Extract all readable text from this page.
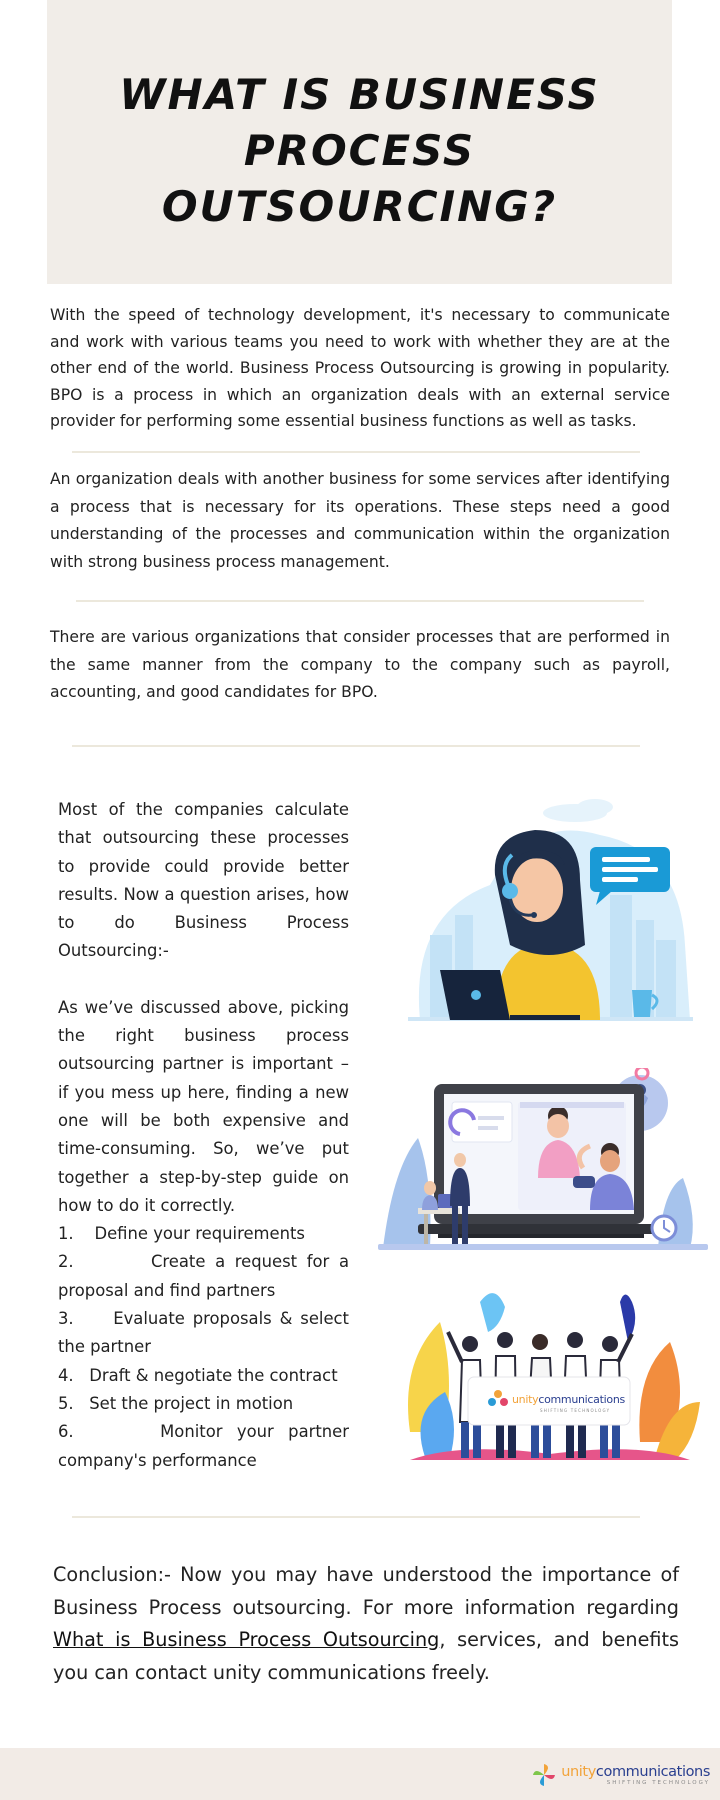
WHAT IS BUSINESS
PROCESS OUTSOURCING?

With the speed of technology development, it's necessary to communicate and work with various teams you need to work with whether they are at the other end of the world. Business Process Outsourcing is growing in popularity. BPO is a process in which an organization deals with an external service provider for performing some essential business functions as well as tasks.

An organization deals with another business for some services after identifying a process that is necessary for its operations. These steps need a good understanding of the processes and communication within the organization with strong business process management.

There are various organizations that consider processes that are performed in the same manner from the company to the company such as payroll, accounting, and good candidates for BPO.

Most of the companies calculate that outsourcing these processes to provide could provide better results. Now a question arises, how to do Business Process Outsourcing:-

As we’ve discussed above, picking the right business process outsourcing partner is important – if you mess up here, finding a new one will be both expensive and time-consuming. So, we’ve put together a step-by-step guide on how to do it correctly.

1.    Define your requirements
2.        Create a request for a proposal and find partners
3.     Evaluate proposals & select the partner
4.   Draft & negotiate the contract
5.   Set the project in motion
6.      Monitor your partner company's performance
unitycommunications
SHIFTING TECHNOLOGY

Conclusion:- Now you may have understood the importance of Business Process outsourcing. For more information regarding What is Business Process Outsourcing, services, and benefits you can contact unity communications freely.

unitycommunications
SHIFTING TECHNOLOGY
